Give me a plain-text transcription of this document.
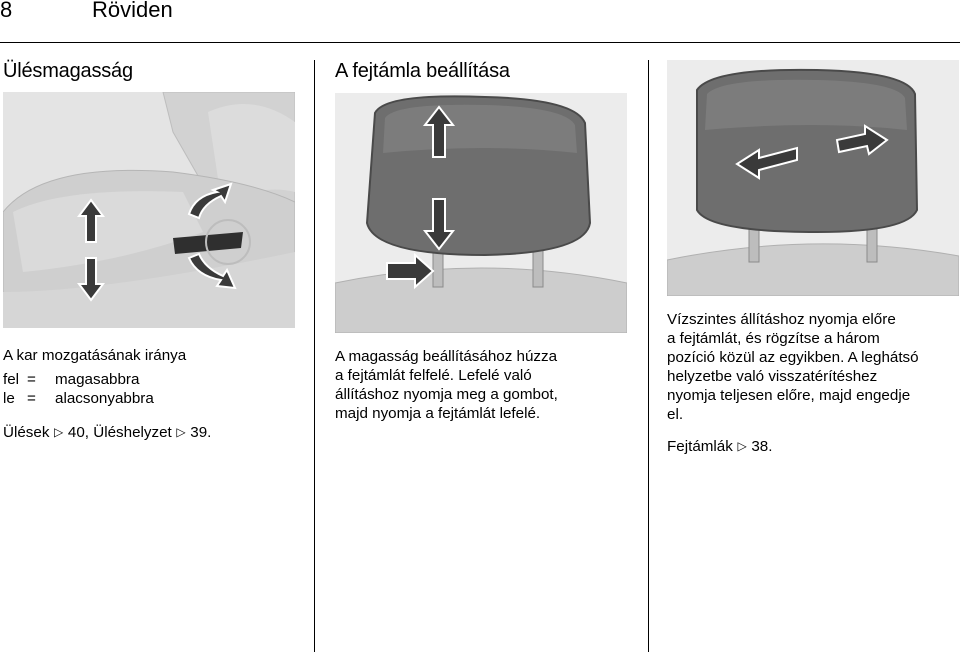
8	Röviden
Ülésmagasság
A kar mozgatásának iránya
fel =	magasabbra
le =	alacsonyabbra
Ülések ▷ 40, Üléshelyzet ▷ 39.
A fejtámla beállítása
A magasság beállításához húzza
a fejtámlát felfelé. Lefelé való
állításhoz nyomja meg a gombot,
majd nyomja a fejtámlát lefelé.
Vízszintes állításhoz nyomja előre
a fejtámlát, és rögzítse a három
pozíció közül az egyikben. A leghátsó
helyzetbe való visszatérítéshez
nyomja teljesen előre, majd engedje
el.
Fejtámlák ▷ 38.
